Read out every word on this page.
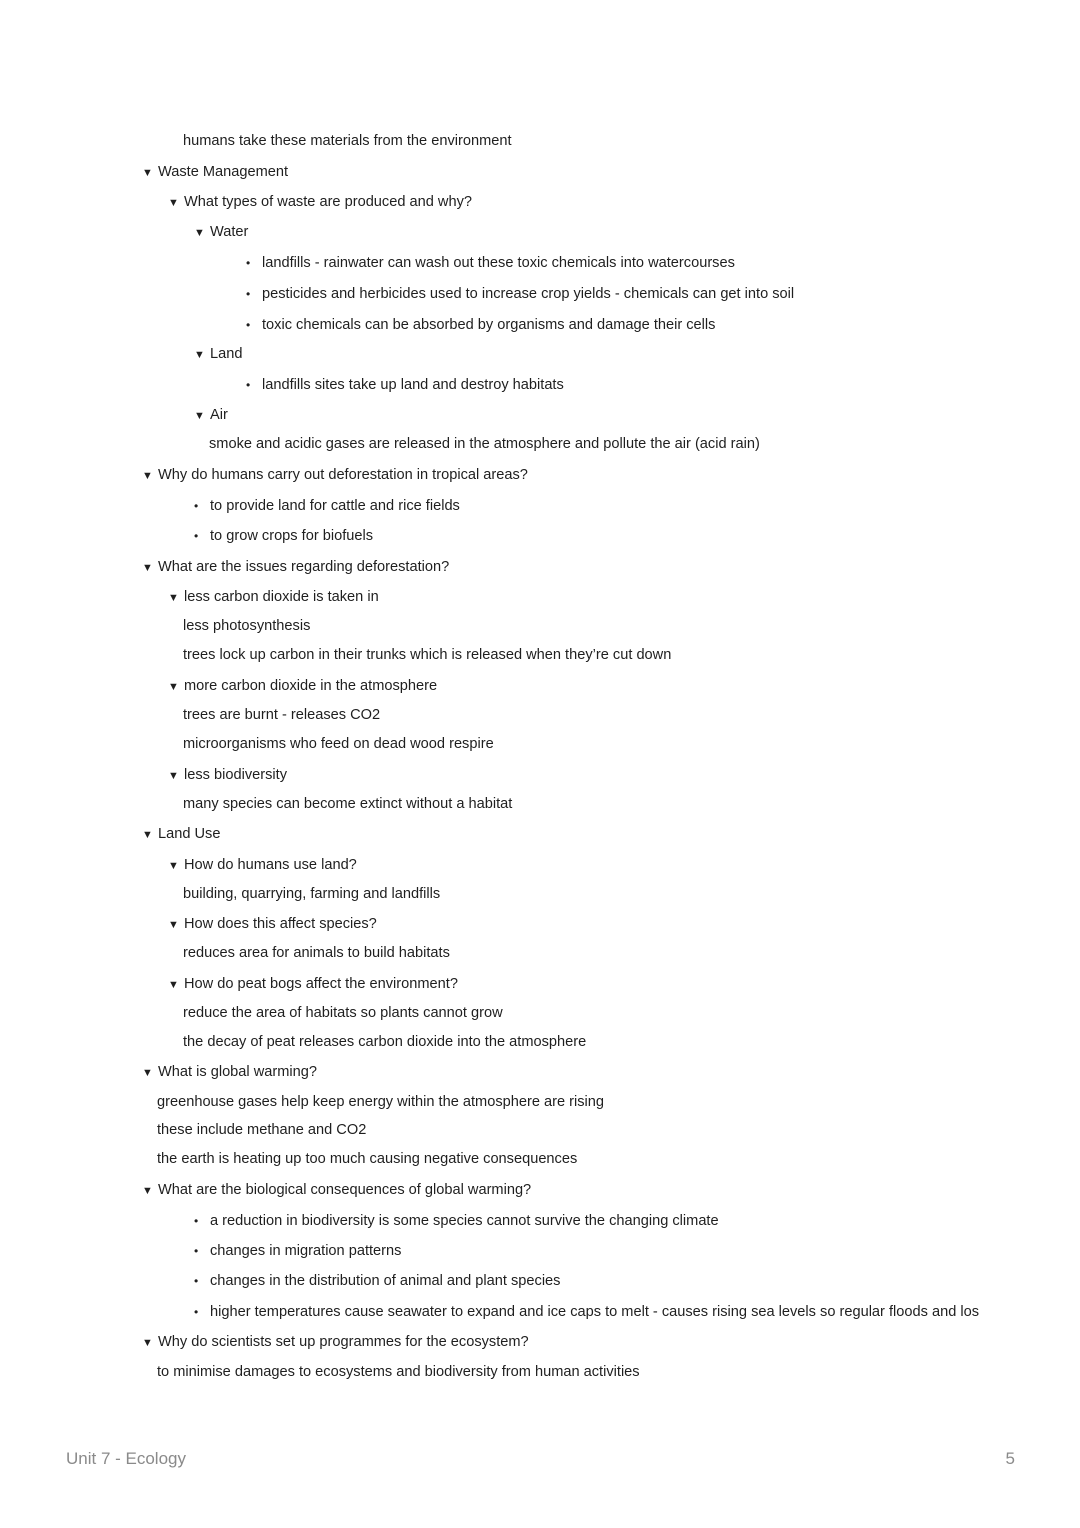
humans take these materials from the environment
▼ Waste Management
▼ What types of waste are produced and why?
▼ Water
• landfills - rainwater can wash out these toxic chemicals into watercourses
• pesticides and herbicides used to increase crop yields - chemicals can get into soil
• toxic chemicals can be absorbed by organisms and damage their cells
▼ Land
• landfills sites take up land and destroy habitats
▼ Air
smoke and acidic gases are released in the atmosphere and pollute the air (acid rain)
▼ Why do humans carry out deforestation in tropical areas?
• to provide land for cattle and rice fields
• to grow crops for biofuels
▼ What are the issues regarding deforestation?
▼ less carbon dioxide is taken in
less photosynthesis
trees lock up carbon in their trunks which is released when they’re cut down
▼ more carbon dioxide in the atmosphere
trees are burnt - releases CO2
microorganisms who feed on dead wood respire
▼ less biodiversity
many species can become extinct without a habitat
▼ Land Use
▼ How do humans use land?
building, quarrying, farming and landfills
▼ How does this affect species?
reduces area for animals to build habitats
▼ How do peat bogs affect the environment?
reduce the area of habitats so plants cannot grow
the decay of peat releases carbon dioxide into the atmosphere
▼ What is global warming?
greenhouse gases help keep energy within the atmosphere are rising
these include methane and CO2
the earth is heating up too much causing negative consequences
▼ What are the biological consequences of global warming?
• a reduction in biodiversity is some species cannot survive the changing climate
• changes in migration patterns
• changes in the distribution of animal and plant species
• higher temperatures cause seawater to expand and ice caps to melt - causes rising sea levels so regular floods and los
▼ Why do scientists set up programmes for the ecosystem?
to minimise damages to ecosystems and biodiversity from human activities
Unit 7 - Ecology	5
